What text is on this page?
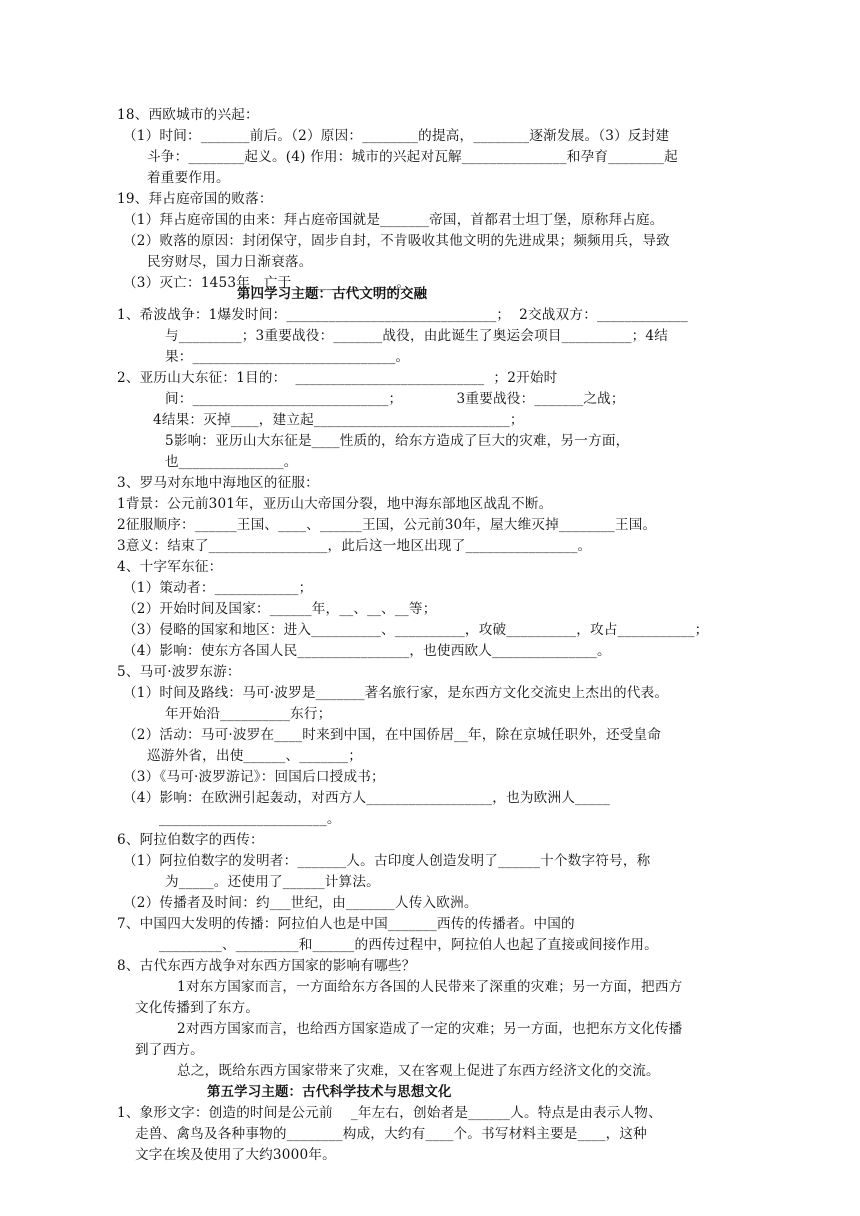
18、西欧城市的兴起：
（1）时间：_______前后。（2）原因：________的提高，________逐渐发展。（3）反封建
斗争：________起义。(4) 作用：城市的兴起对瓦解_______________和孕育________起
着重要作用。
19、拜占庭帝国的败落：
（1）拜占庭帝国的由来：拜占庭帝国就是_______帝国，首都君士坦丁堡，原称拜占庭。
（2）败落的原因：封闭保守，固步自封，不肯吸收其他文明的先进成果；频频用兵，导致
民穷财尽，国力日渐衰落。
（3）灭亡：1453年，亡于_______________。
第四学习主题：古代文明的交融
1、希波战争：1爆发时间：______________________________；  2交战双方：_____________
与_________；3重要战役：_______战役，由此诞生了奥运会项目__________；4结
果：_____________________________。
2、亚历山大东征：1目的：  ___________________________  ；2开始时
间：____________________________；            3重要战役：_______之战；
4结果：灭掉____，建立起____________________________；
5影响：亚历山大东征是____性质的，给东方造成了巨大的灾难，另一方面，
也_______________。
3、罗马对东地中海地区的征服：
1背景：公元前301年，亚历山大帝国分裂，地中海东部地区战乱不断。
2征服顺序：______王国、____、______王国，公元前30年，屋大维灭掉________王国。
3意义：结束了_________________，此后这一地区出现了________________。
4、十字军东征：
（1）策动者：____________；
（2）开始时间及国家：______年，__、__、__等；
（3）侵略的国家和地区：进入__________、__________，攻破__________，攻占___________；
（4）影响：使东方各国人民________________，也使西欧人_______________。
5、马可·波罗东游：
（1）时间及路线：马可·波罗是_______著名旅行家，是东西方文化交流史上杰出的代表。
年开始沿__________东行；
（2）活动：马可·波罗在____时来到中国，在中国侨居__年，除在京城任职外，还受皇命
巡游外省，出使______、_______；
（3）《马可·波罗游记》：回国后口授成书；
（4）影响：在欧洲引起轰动，对西方人__________________，也为欧洲人_____
________________________。
6、阿拉伯数字的西传：
（1）阿拉伯数字的发明者：_______人。古印度人创造发明了______十个数字符号，称
为_____。还使用了______计算法。
（2）传播者及时间：约___世纪，由_______人传入欧洲。
7、中国四大发明的传播：阿拉伯人也是中国_______西传的传播者。中国的
_________、_________和______的西传过程中，阿拉伯人也起了直接或间接作用。
8、古代东西方战争对东西方国家的影响有哪些？
1对东方国家而言，一方面给东方各国的人民带来了深重的灾难；另一方面，把西方
文化传播到了东方。
2对西方国家而言，也给西方国家造成了一定的灾难；另一方面，也把东方文化传播
到了西方。
总之，既给东西方国家带来了灾难，又在客观上促进了东西方经济文化的交流。
第五学习主题：古代科学技术与思想文化
1、象形文字：创造的时间是公元前    _年左右，创始者是______人。特点是由表示人物、
走兽、禽鸟及各种事物的________构成，大约有____个。书写材料主要是____，这种
文字在埃及使用了大约3000年。
